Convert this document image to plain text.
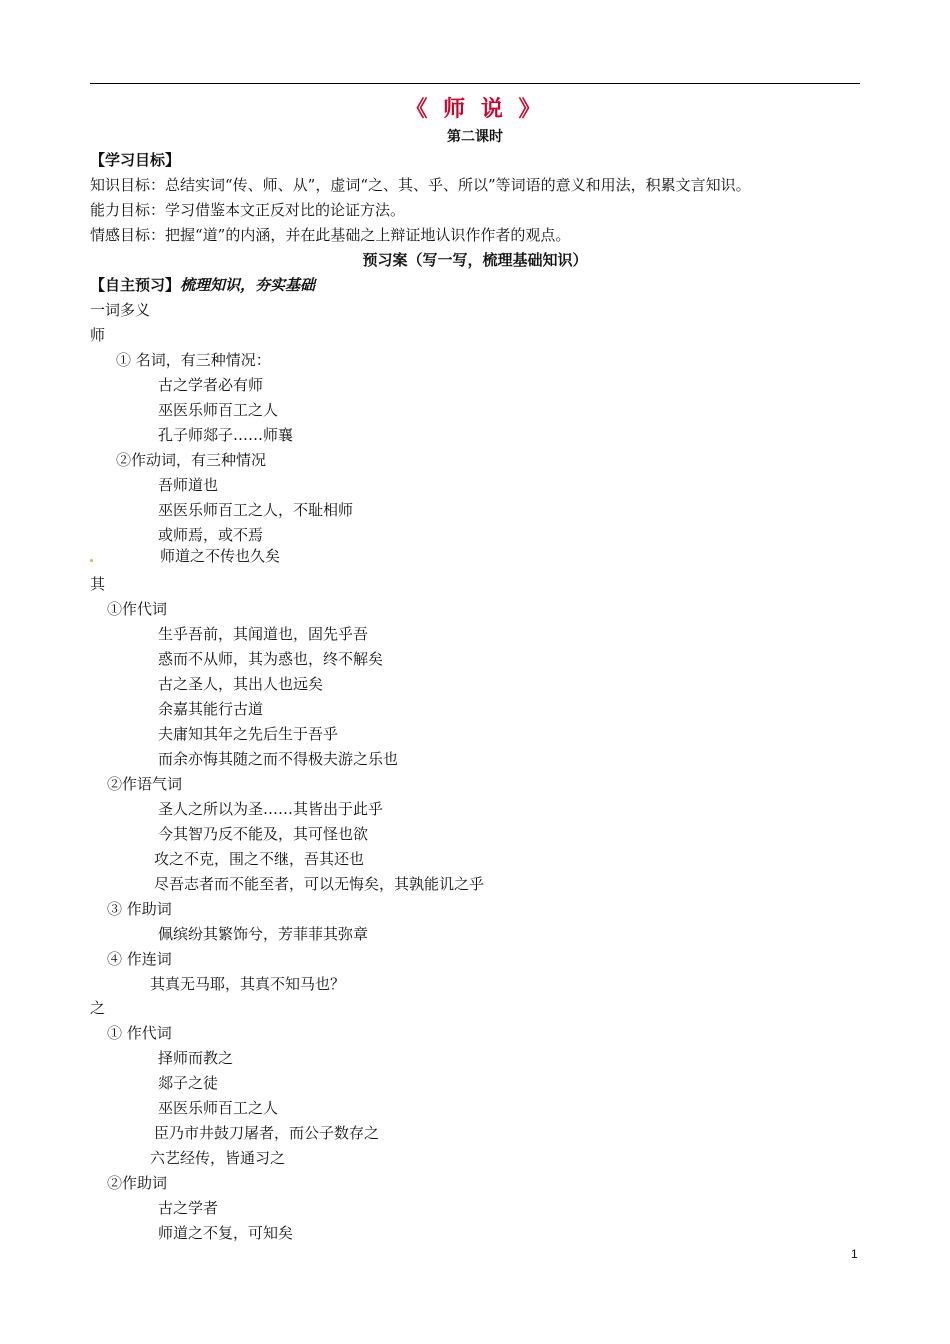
《 师 说 》
第二课时
【学习目标】
知识目标：总结实词“传、师、从”，虚词“之、其、乎、所以”等词语的意义和用法，积累文言知识。
能力目标：学习借鉴本文正反对比的论证方法。
情感目标：把握“道”的内涵，并在此基础之上辩证地认识作作者的观点。
预习案（写一写，梳理基础知识）
【自主预习】梳理知识，夯实基础
一词多义
师
① 名词，有三种情况：
古之学者必有师
巫医乐师百工之人
孔子师郯子……师襄
②作动词，有三种情况
吾师道也
巫医乐师百工之人，不耻相师
或师焉，或不焉
师道之不传也久矣
其
①作代词
生乎吾前，其闻道也，固先乎吾
惑而不从师，其为惑也，终不解矣
古之圣人，其出人也远矣
余嘉其能行古道
夫庸知其年之先后生于吾乎
而余亦悔其随之而不得极夫游之乐也
②作语气词
圣人之所以为圣……其皆出于此乎
今其智乃反不能及，其可怪也欲
攻之不克，围之不继，吾其还也
尽吾志者而不能至者，可以无悔矣，其孰能讥之乎
③ 作助词
佩缤纷其繁饰兮，芳菲菲其弥章
④ 作连词
其真无马耶，其真不知马也？
之
① 作代词
择师而教之
郯子之徒
巫医乐师百工之人
臣乃市井鼓刀屠者，而公子数存之
六艺经传，皆通习之
②作助词
古之学者
师道之不复，可知矣
1
